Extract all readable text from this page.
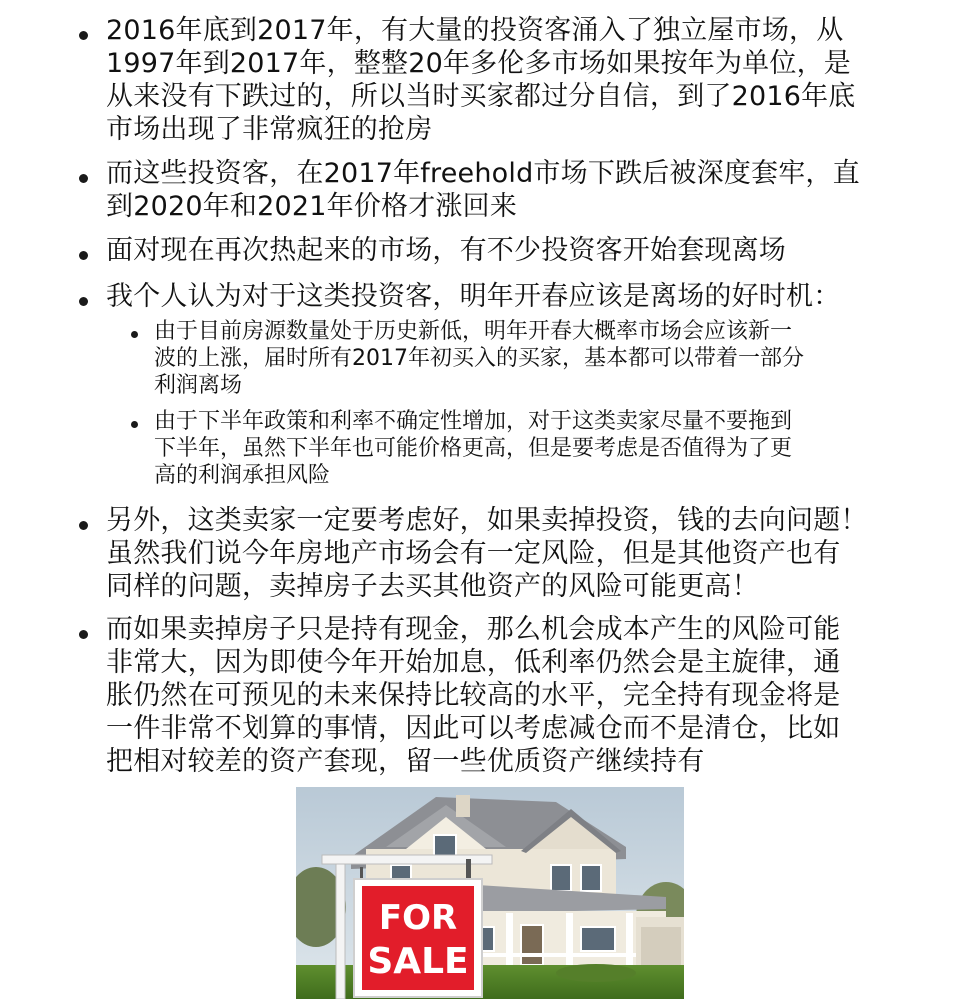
2016年底到2017年，有大量的投资客涌入了独立屋市场，从
1997年到2017年，整整20年多伦多市场如果按年为单位，是
从来没有下跌过的，所以当时买家都过分自信，到了2016年底
市场出现了非常疯狂的抢房
而这些投资客，在2017年freehold市场下跌后被深度套牢，直
到2020年和2021年价格才涨回来
面对现在再次热起来的市场，有不少投资客开始套现离场
我个人认为对于这类投资客，明年开春应该是离场的好时机：
由于目前房源数量处于历史新低，明年开春大概率市场会应该新一
波的上涨，届时所有2017年初买入的买家，基本都可以带着一部分
利润离场
由于下半年政策和利率不确定性增加，对于这类卖家尽量不要拖到
下半年，虽然下半年也可能价格更高，但是要考虑是否值得为了更
高的利润承担风险
另外，这类卖家一定要考虑好，如果卖掉投资，钱的去向问题！
虽然我们说今年房地产市场会有一定风险，但是其他资产也有
同样的问题，卖掉房子去买其他资产的风险可能更高！
而如果卖掉房子只是持有现金，那么机会成本产生的风险可能
非常大，因为即使今年开始加息，低利率仍然会是主旋律，通
胀仍然在可预见的未来保持比较高的水平，完全持有现金将是
一件非常不划算的事情，因此可以考虑减仓而不是清仓，比如
把相对较差的资产套现，留一些优质资产继续持有
FOR
SALE
